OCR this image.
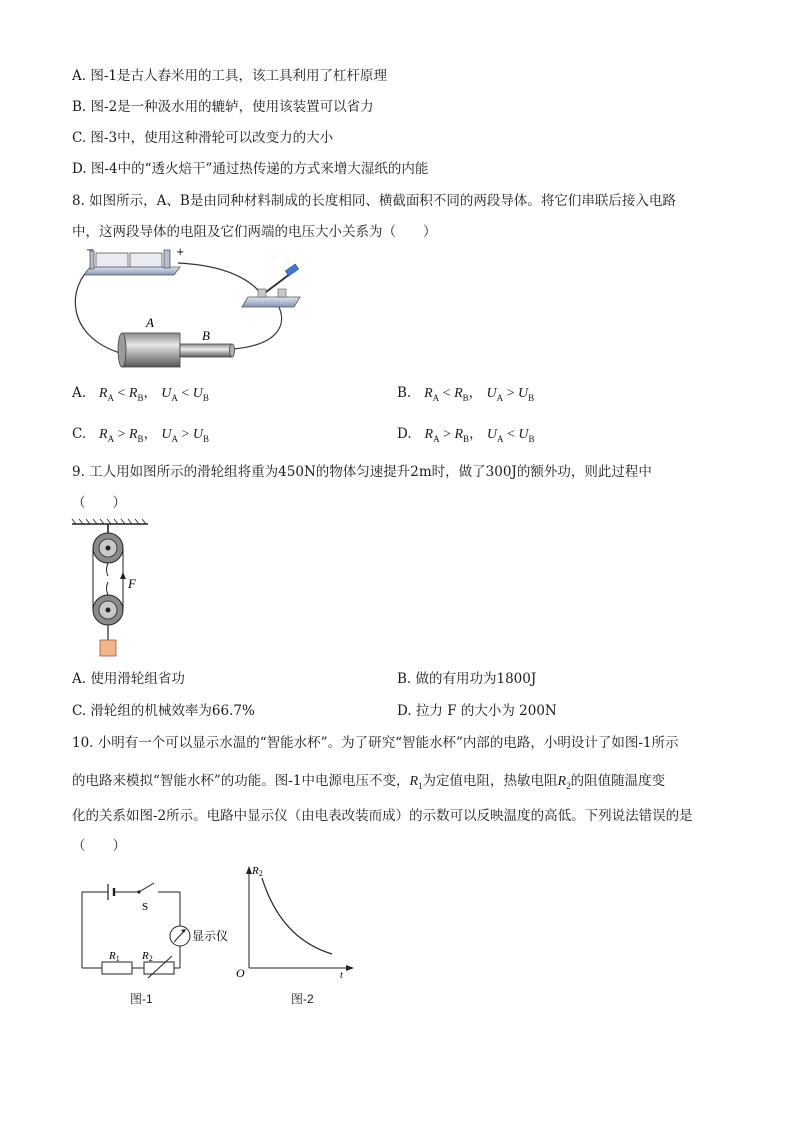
A. 图-1是古人舂米用的工具，该工具利用了杠杆原理
B. 图-2是一种汲水用的辘轳，使用该装置可以省力
C. 图-3中，使用这种滑轮可以改变力的大小
D. 图-4中的“透火焙干”通过热传递的方式来增大湿纸的内能
8. 如图所示，A、B是由同种材料制成的长度相同、横截面积不同的两段导体。将它们串联后接入电路
中，这两段导体的电阻及它们两端的电压大小关系为（　　）
−	+
A
B
A. $R_A < R_B$， $U_A < U_B$	B. $R_A < R_B$， $U_A > U_B$
C. $R_A > R_B$， $U_A > U_B$	D. $R_A > R_B$， $U_A < U_B$
9. 工人用如图所示的滑轮组将重为450N的物体匀速提升2m时，做了300J的额外功，则此过程中
（　　）
F
A. 使用滑轮组省功	B. 做的有用功为1800J
C. 滑轮组的机械效率为66.7%	D. 拉力 F 的大小为 200N
10. 小明有一个可以显示水温的“智能水杯”。为了研究“智能水杯”内部的电路，小明设计了如图-1所示
的电路来模拟“智能水杯”的功能。图-1中电源电压不变，$R_1$为定值电阻，热敏电阻$R_2$的阻值随温度变
化的关系如图-2所示。电路中显示仪（由电表改装而成）的示数可以反映温度的高低。下列说法错误的是
（　　）
S
显示仪
R1 R2
图-1
R2
t
O
图-2
